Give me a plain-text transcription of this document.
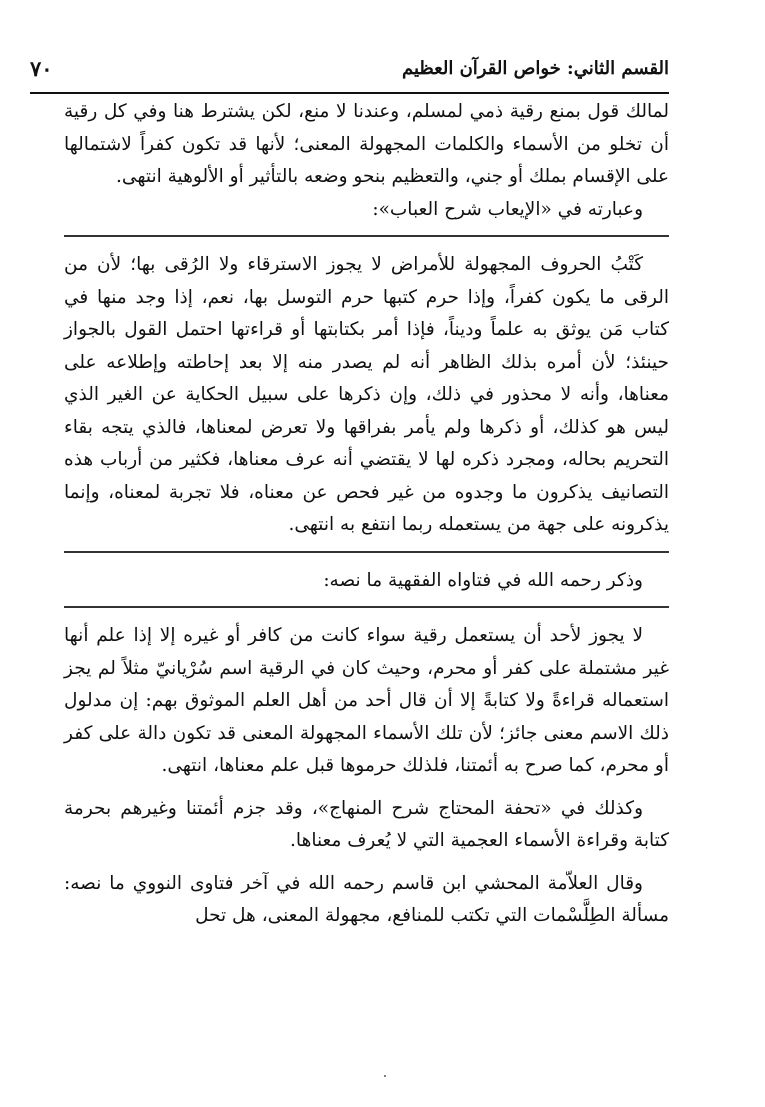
القسم الثاني: خواص القرآن العظيم
٧٠

لمالك قول بمنع رقية ذمي لمسلم، وعندنا لا منع، لكن يشترط هنا وفي كل رقية أن تخلو من الأسماء والكلمات المجهولة المعنى؛ لأنها قد تكون كفراً لاشتمالها على الإقسام بملك أو جني، والتعظيم بنحو وضعه بالتأثير أو الألوهية انتهى.

وعبارته في «الإيعاب شرح العباب»:

كَتْبُ الحروف المجهولة للأمراض لا يجوز الاسترقاء ولا الرُقى بها؛ لأن من الرقى ما يكون كفراً، وإذا حرم كتبها حرم التوسل بها، نعم، إذا وجد منها في كتاب مَن يوثق به علماً وديناً، فإذا أمر بكتابتها أو قراءتها احتمل القول بالجواز حينئذ؛ لأن أمره بذلك الظاهر أنه لم يصدر منه إلا بعد إحاطته وإطلاعه على معناها، وأنه لا محذور في ذلك، وإن ذكرها على سبيل الحكاية عن الغير الذي ليس هو كذلك، أو ذكرها ولم يأمر بفراقها ولا تعرض لمعناها، فالذي يتجه بقاء التحريم بحاله، ومجرد ذكره لها لا يقتضي أنه عرف معناها، فكثير من أرباب هذه التصانيف يذكرون ما وجدوه من غير فحص عن معناه، فلا تجربة لمعناه، وإنما يذكرونه على جهة من يستعمله ربما انتفع به انتهى.

وذكر رحمه الله في فتاواه الفقهية ما نصه:

لا يجوز لأحد أن يستعمل رقية سواء كانت من كافر أو غيره إلا إذا علم أنها غير مشتملة على كفر أو محرم، وحيث كان في الرقية اسم سُرْيانيّ مثلاً لم يجز استعماله قراءةً ولا كتابةً إلا أن قال أحد من أهل العلم الموثوق بهم: إن مدلول ذلك الاسم معنى جائز؛ لأن تلك الأسماء المجهولة المعنى قد تكون دالة على كفر أو محرم، كما صرح به أئمتنا، فلذلك حرموها قبل علم معناها، انتهى.

وكذلك في «تحفة المحتاج شرح المنهاج»، وقد جزم أئمتنا وغيرهم بحرمة كتابة وقراءة الأسماء العجمية التي لا يُعرف معناها.

وقال العلاّمة المحشي ابن قاسم رحمه الله في آخر فتاوى النووي ما نصه: مسألة الطِلَّسْمات التي تكتب للمنافع، مجهولة المعنى، هل تحل
